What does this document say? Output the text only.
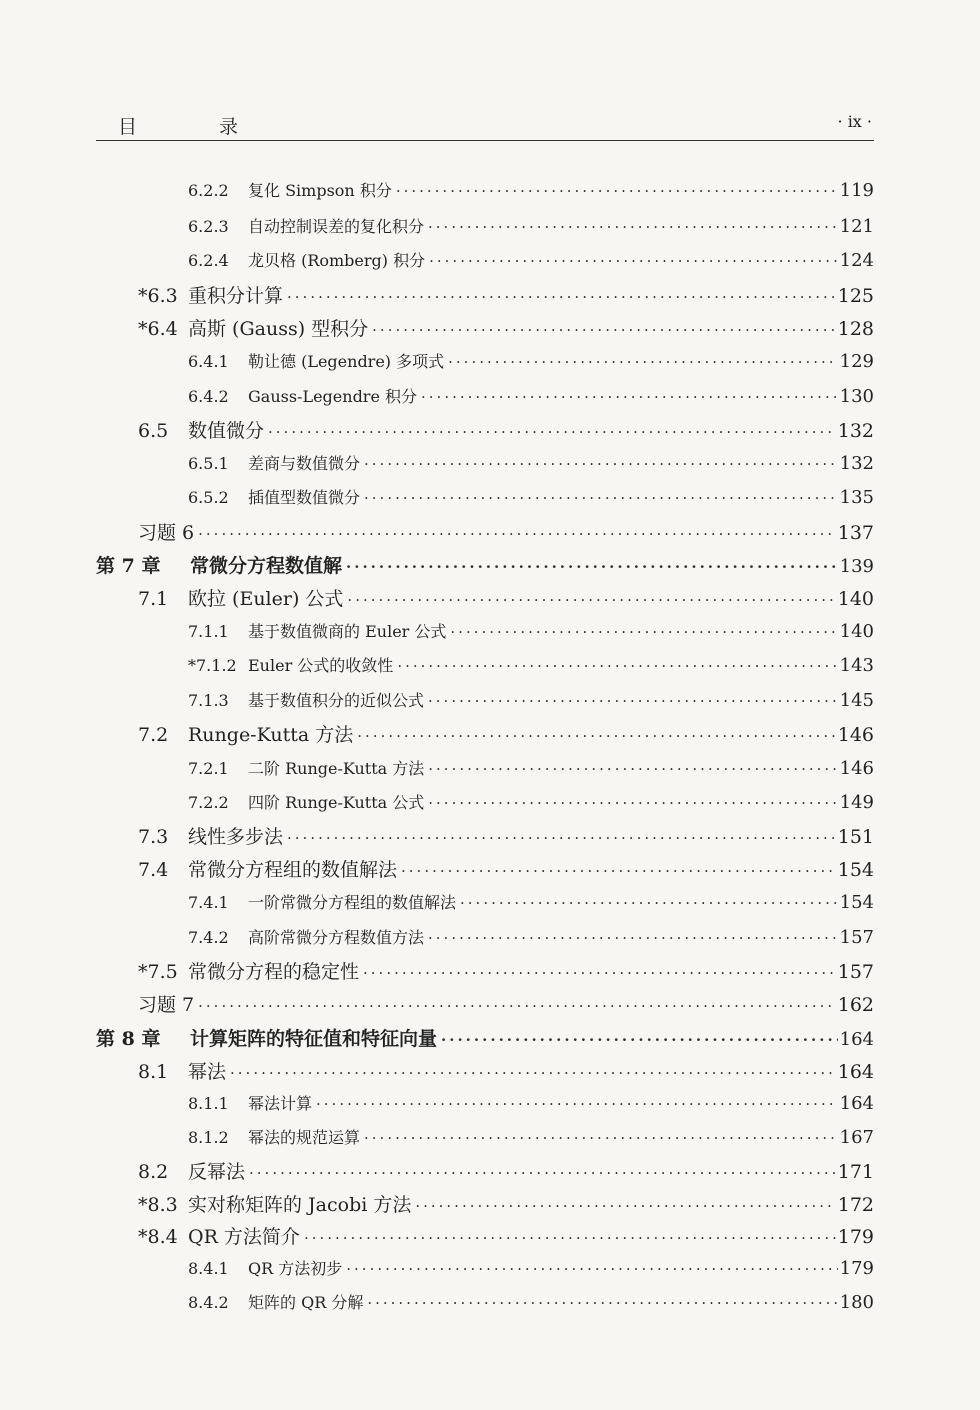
目 录	· ix ·
6.2.2	复化 Simpson 积分 ·····	119
6.2.3	自动控制误差的复化积分 ·····	121
6.2.4	龙贝格 (Romberg) 积分 ·····	124
*6.3 重积分计算 ·····	125
*6.4 高斯 (Gauss) 型积分 ·····	128
6.4.1	勒让德 (Legendre) 多项式 ·····	129
6.4.2	Gauss-Legendre 积分 ·····	130
6.5	数值微分 ·····	132
6.5.1	差商与数值微分 ·····	132
6.5.2	插值型数值微分 ·····	135
习题 6 ·····	137
第 7 章	常微分方程数值解 ·····	139
7.1	欧拉 (Euler) 公式 ·····	140
7.1.1	基于数值微商的 Euler 公式 ·····	140
*7.1.2 Euler 公式的收敛性 ·····	143
7.1.3	基于数值积分的近似公式 ·····	145
7.2	Runge-Kutta 方法 ·····	146
7.2.1	二阶 Runge-Kutta 方法 ·····	146
7.2.2	四阶 Runge-Kutta 公式 ·····	149
7.3	线性多步法 ·····	151
7.4	常微分方程组的数值解法 ·····	154
7.4.1	一阶常微分方程组的数值解法 ·····	154
7.4.2	高阶常微分方程数值方法 ·····	157
*7.5 常微分方程的稳定性 ·····	157
习题 7 ·····	162
第 8 章	计算矩阵的特征值和特征向量 ·····	164
8.1	幂法 ·····	164
8.1.1	幂法计算 ·····	164
8.1.2	幂法的规范运算 ·····	167
8.2	反幂法 ·····	171
*8.3 实对称矩阵的 Jacobi 方法 ·····	172
*8.4 QR 方法简介 ·····	179
8.4.1	QR 方法初步 ·····	179
8.4.2	矩阵的 QR 分解 ·····	180
